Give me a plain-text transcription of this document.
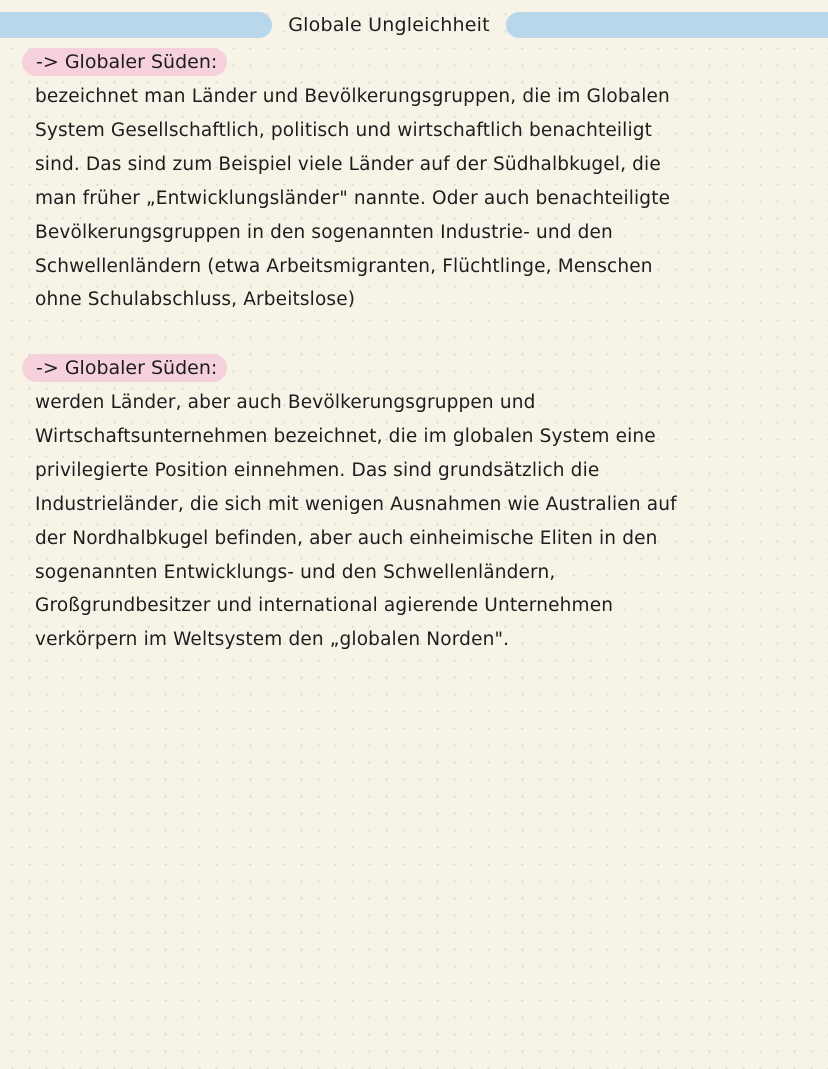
Globale Ungleichheit
-> Globaler Süden:
bezeichnet man Länder und Bevölkerungsgruppen, die im Globalen
System Gesellschaftlich, politisch und wirtschaftlich benachteiligt
sind. Das sind zum Beispiel viele Länder auf der Südhalbkugel, die
man früher „Entwicklungsländer" nannte. Oder auch benachteiligte
Bevölkerungsgruppen in den sogenannten Industrie- und den
Schwellenländern (etwa Arbeitsmigranten, Flüchtlinge, Menschen
ohne Schulabschluss, Arbeitslose)
-> Globaler Süden:
werden Länder, aber auch Bevölkerungsgruppen und
Wirtschaftsunternehmen bezeichnet, die im globalen System eine
privilegierte Position einnehmen. Das sind grundsätzlich die
Industrieländer, die sich mit wenigen Ausnahmen wie Australien auf
der Nordhalbkugel befinden, aber auch einheimische Eliten in den
sogenannten Entwicklungs- und den Schwellenländern,
Großgrundbesitzer und international agierende Unternehmen
verkörpern im Weltsystem den „globalen Norden".
